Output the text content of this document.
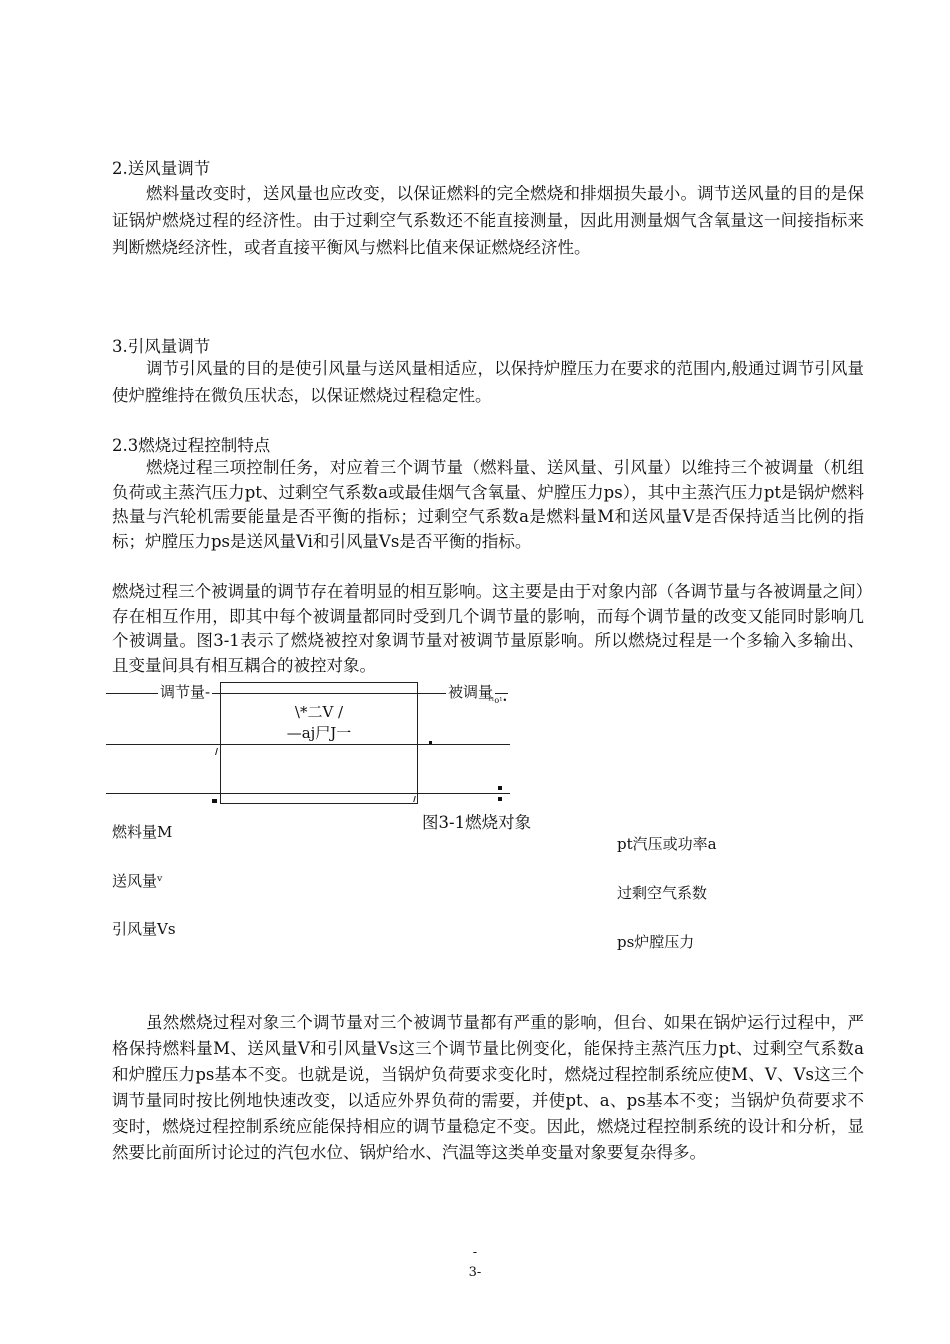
2.送风量调节
燃料量改变时，送风量也应改变，以保证燃料的完全燃烧和排烟损失最小。调节送风量的目的是保证锅炉燃烧过程的经济性。由于过剩空气系数还不能直接测量，因此用测量烟气含氧量这一间接指标来判断燃烧经济性，或者直接平衡风与燃料比值来保证燃烧经济性。
3.引风量调节
调节引风量的目的是使引风量与送风量相适应，以保持炉膛压力在要求的范围内,般通过调节引风量使炉膛维持在微负压状态，以保证燃烧过程稳定性。
2.3燃烧过程控制特点
燃烧过程三项控制任务，对应着三个调节量（燃料量、送风量、引风量）以维持三个被调量（机组负荷或主蒸汽压力pt、过剩空气系数a或最佳烟气含氧量、炉膛压力ps），其中主蒸汽压力pt是锅炉燃料热量与汽轮机需要能量是否平衡的指标；过剩空气系数a是燃料量M和送风量V是否保持适当比例的指标；炉膛压力ps是送风量Vi和引风量Vs是否平衡的指标。
燃烧过程三个被调量的调节存在着明显的相互影响。这主要是由于对象内部（各调节量与各被调量之间）存在相互作用，即其中每个被调量都同时受到几个调节量的影响，而每个调节量的改变又能同时影响几个被调量。图3-1表示了燃烧被控对象调节量对被调节量原影响。所以燃烧过程是一个多输入多输出、且变量间具有相互耦合的被控对象。
调节量-	被调量
¹¹o¹•
\*二V /
—aj尸J一
图3-1燃烧对象
燃料量M
送风量ᵛ
引风量Vs
pt汽压或功率a
过剩空气系数
ps炉膛压力
虽然燃烧过程对象三个调节量对三个被调节量都有严重的影响，但台、如果在锅炉运行过程中，严格保持燃料量M、送风量V和引风量Vs这三个调节量比例变化，能保持主蒸汽压力pt、过剩空气系数a和炉膛压力ps基本不变。也就是说，当锅炉负荷要求变化时，燃烧过程控制系统应使M、V、Vs这三个调节量同时按比例地快速改变，以适应外界负荷的需要，并使pt、a、ps基本不变；当锅炉负荷要求不变时，燃烧过程控制系统应能保持相应的调节量稳定不变。因此，燃烧过程控制系统的设计和分析，显然要比前面所讨论过的汽包水位、锅炉给水、汽温等这类单变量对象要复杂得多。
-
3-
